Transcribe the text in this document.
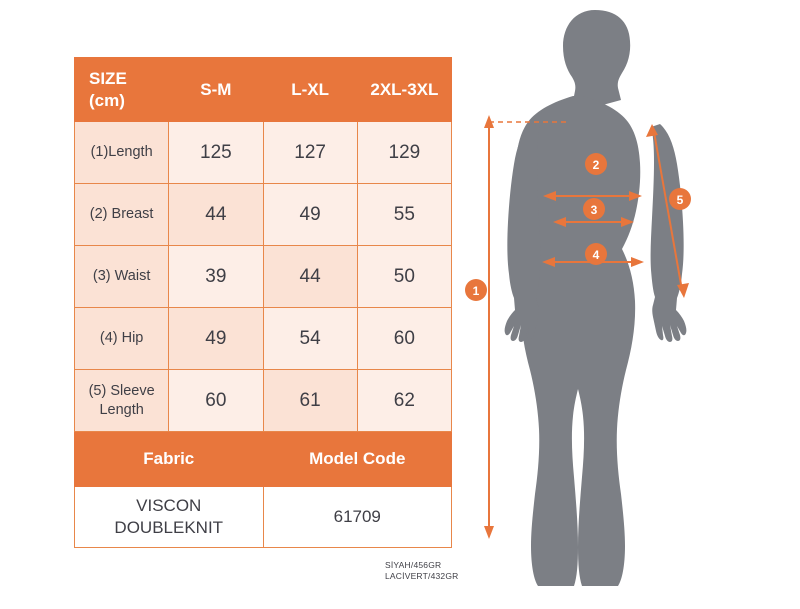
SIZE
(cm)	S-M	L-XL	2XL-3XL
(1)Length	125	127	129
(2) Breast	44	49	55
(3) Waist	39	44	50
(4) Hip	49	54	60
(5) Sleeve
Length	60	61	62
Fabric		Model Code	
VISCON
DOUBLEKNIT		61709	
1
2
3
4
5
SİYAH/456GR
LACİVERT/432GR
